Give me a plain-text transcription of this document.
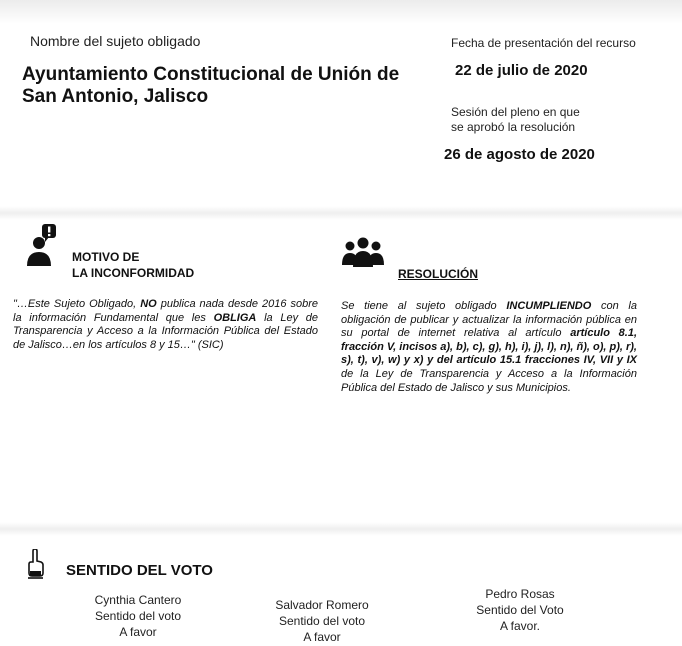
Nombre del sujeto obligado
Ayuntamiento Constitucional de Unión de
San Antonio, Jalisco
Fecha de presentación del recurso
22 de julio de 2020
Sesión del pleno en que
se aprobó la resolución
26 de agosto de 2020
MOTIVO DE
LA INCONFORMIDAD
"…Este Sujeto Obligado, NO publica nada desde 2016 sobre la información Fundamental que les OBLIGA la Ley de Transparencia y Acceso a la Información Pública del Estado de Jalisco…en los artículos 8 y 15…" (SIC)
RESOLUCIÓN
Se tiene al sujeto obligado INCUMPLIENDO con la obligación de publicar y actualizar la información pública en su portal de internet relativa al artículo artículo 8.1, fracción V, incisos a), b), c), g), h), i), j), l), n), ñ), o), p), r), s), t), v), w) y x) y del artículo 15.1 fracciones IV, VII y IX de la Ley de Transparencia y Acceso a la Información Pública del Estado de Jalisco y sus Municipios.
SENTIDO DEL VOTO
Cynthia Cantero
Sentido del voto
A favor
Salvador Romero
Sentido del voto
A favor
Pedro Rosas
Sentido del Voto
A favor.
